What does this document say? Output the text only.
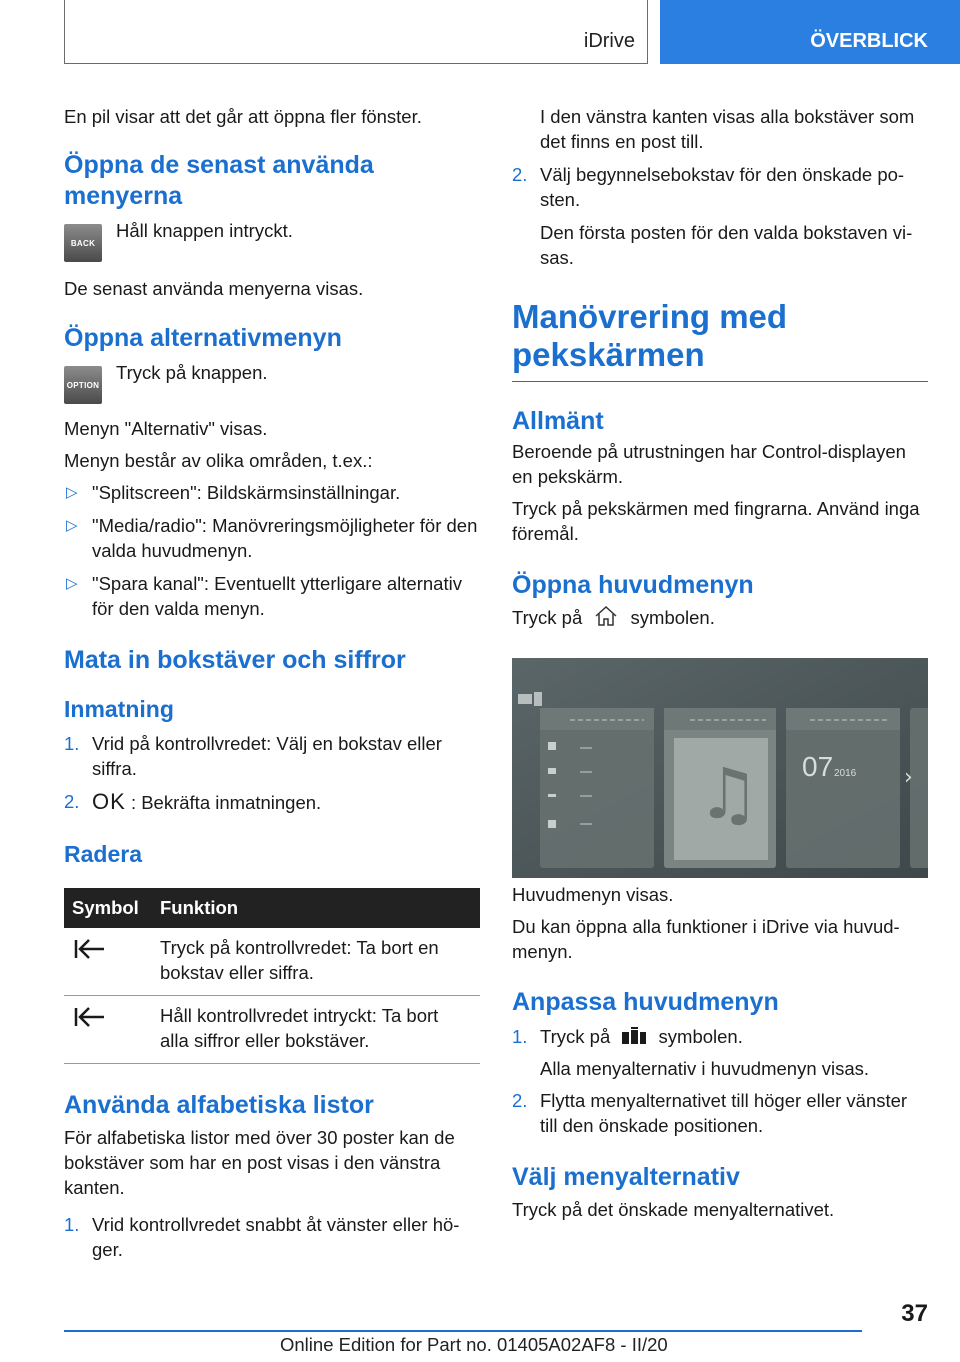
iDrive	ÖVERBLICK

En pil visar att det går att öppna fler fönster.

Öppna de senast använda menyerna
BACK

Håll knappen intryckt.

De senast använda menyerna visas.

Öppna alternativmenyn
OPTION

Tryck på knappen.

Menyn "Alternativ" visas.

Menyn består av olika områden, t.ex.:

▷ "Splitscreen": Bildskärmsinställningar.
▷ "Media/radio": Manövreringsmöjligheter för den valda huvudmenyn.
▷ "Spara kanal": Eventuellt ytterligare alternativ för den valda menyn.
Mata in bokstäver och siffror
Inmatning
1. Vrid på kontrollvredet: Välj en bokstav eller siffra.
2. OK : Bekräfta inmatningen.
Radera
Symbol	Funktion
	Tryck på kontrollvredet: Ta bort en bokstav eller siffra.
	Håll kontrollvredet intryckt: Ta bort alla siffror eller bokstäver.
Använda alfabetiska listor

För alfabetiska listor med över 30 poster kan de bokstäver som har en post visas i den vänstra kanten.

1. Vrid kontrollvredet snabbt åt vänster eller hö-ger.

I den vänstra kanten visas alla bokstäver som det finns en post till.

2. Välj begynnelsebokstav för den önskade po-sten.

Den första posten för den valda bokstaven vi-sas.

Manövrering med pekskärmen
Allmänt

Beroende på utrustningen har Control-displayen en pekskärm.

Tryck på pekskärmen med fingrarna. Använd inga föremål.

Öppna huvudmenyn

Tryck på	symbolen.

♫ 07 2016 ›

Huvudmenyn visas.

Du kan öppna alla funktioner i iDrive via huvud-menyn.

Anpassa huvudmenyn
1. Tryck på	symbolen.

Alla menyalternativ i huvudmenyn visas.

2. Flytta menyalternativet till höger eller vänster till den önskade positionen.
Välj menyalternativ

Tryck på det önskade menyalternativet.

37
Online Edition for Part no. 01405A02AF8 - II/20
